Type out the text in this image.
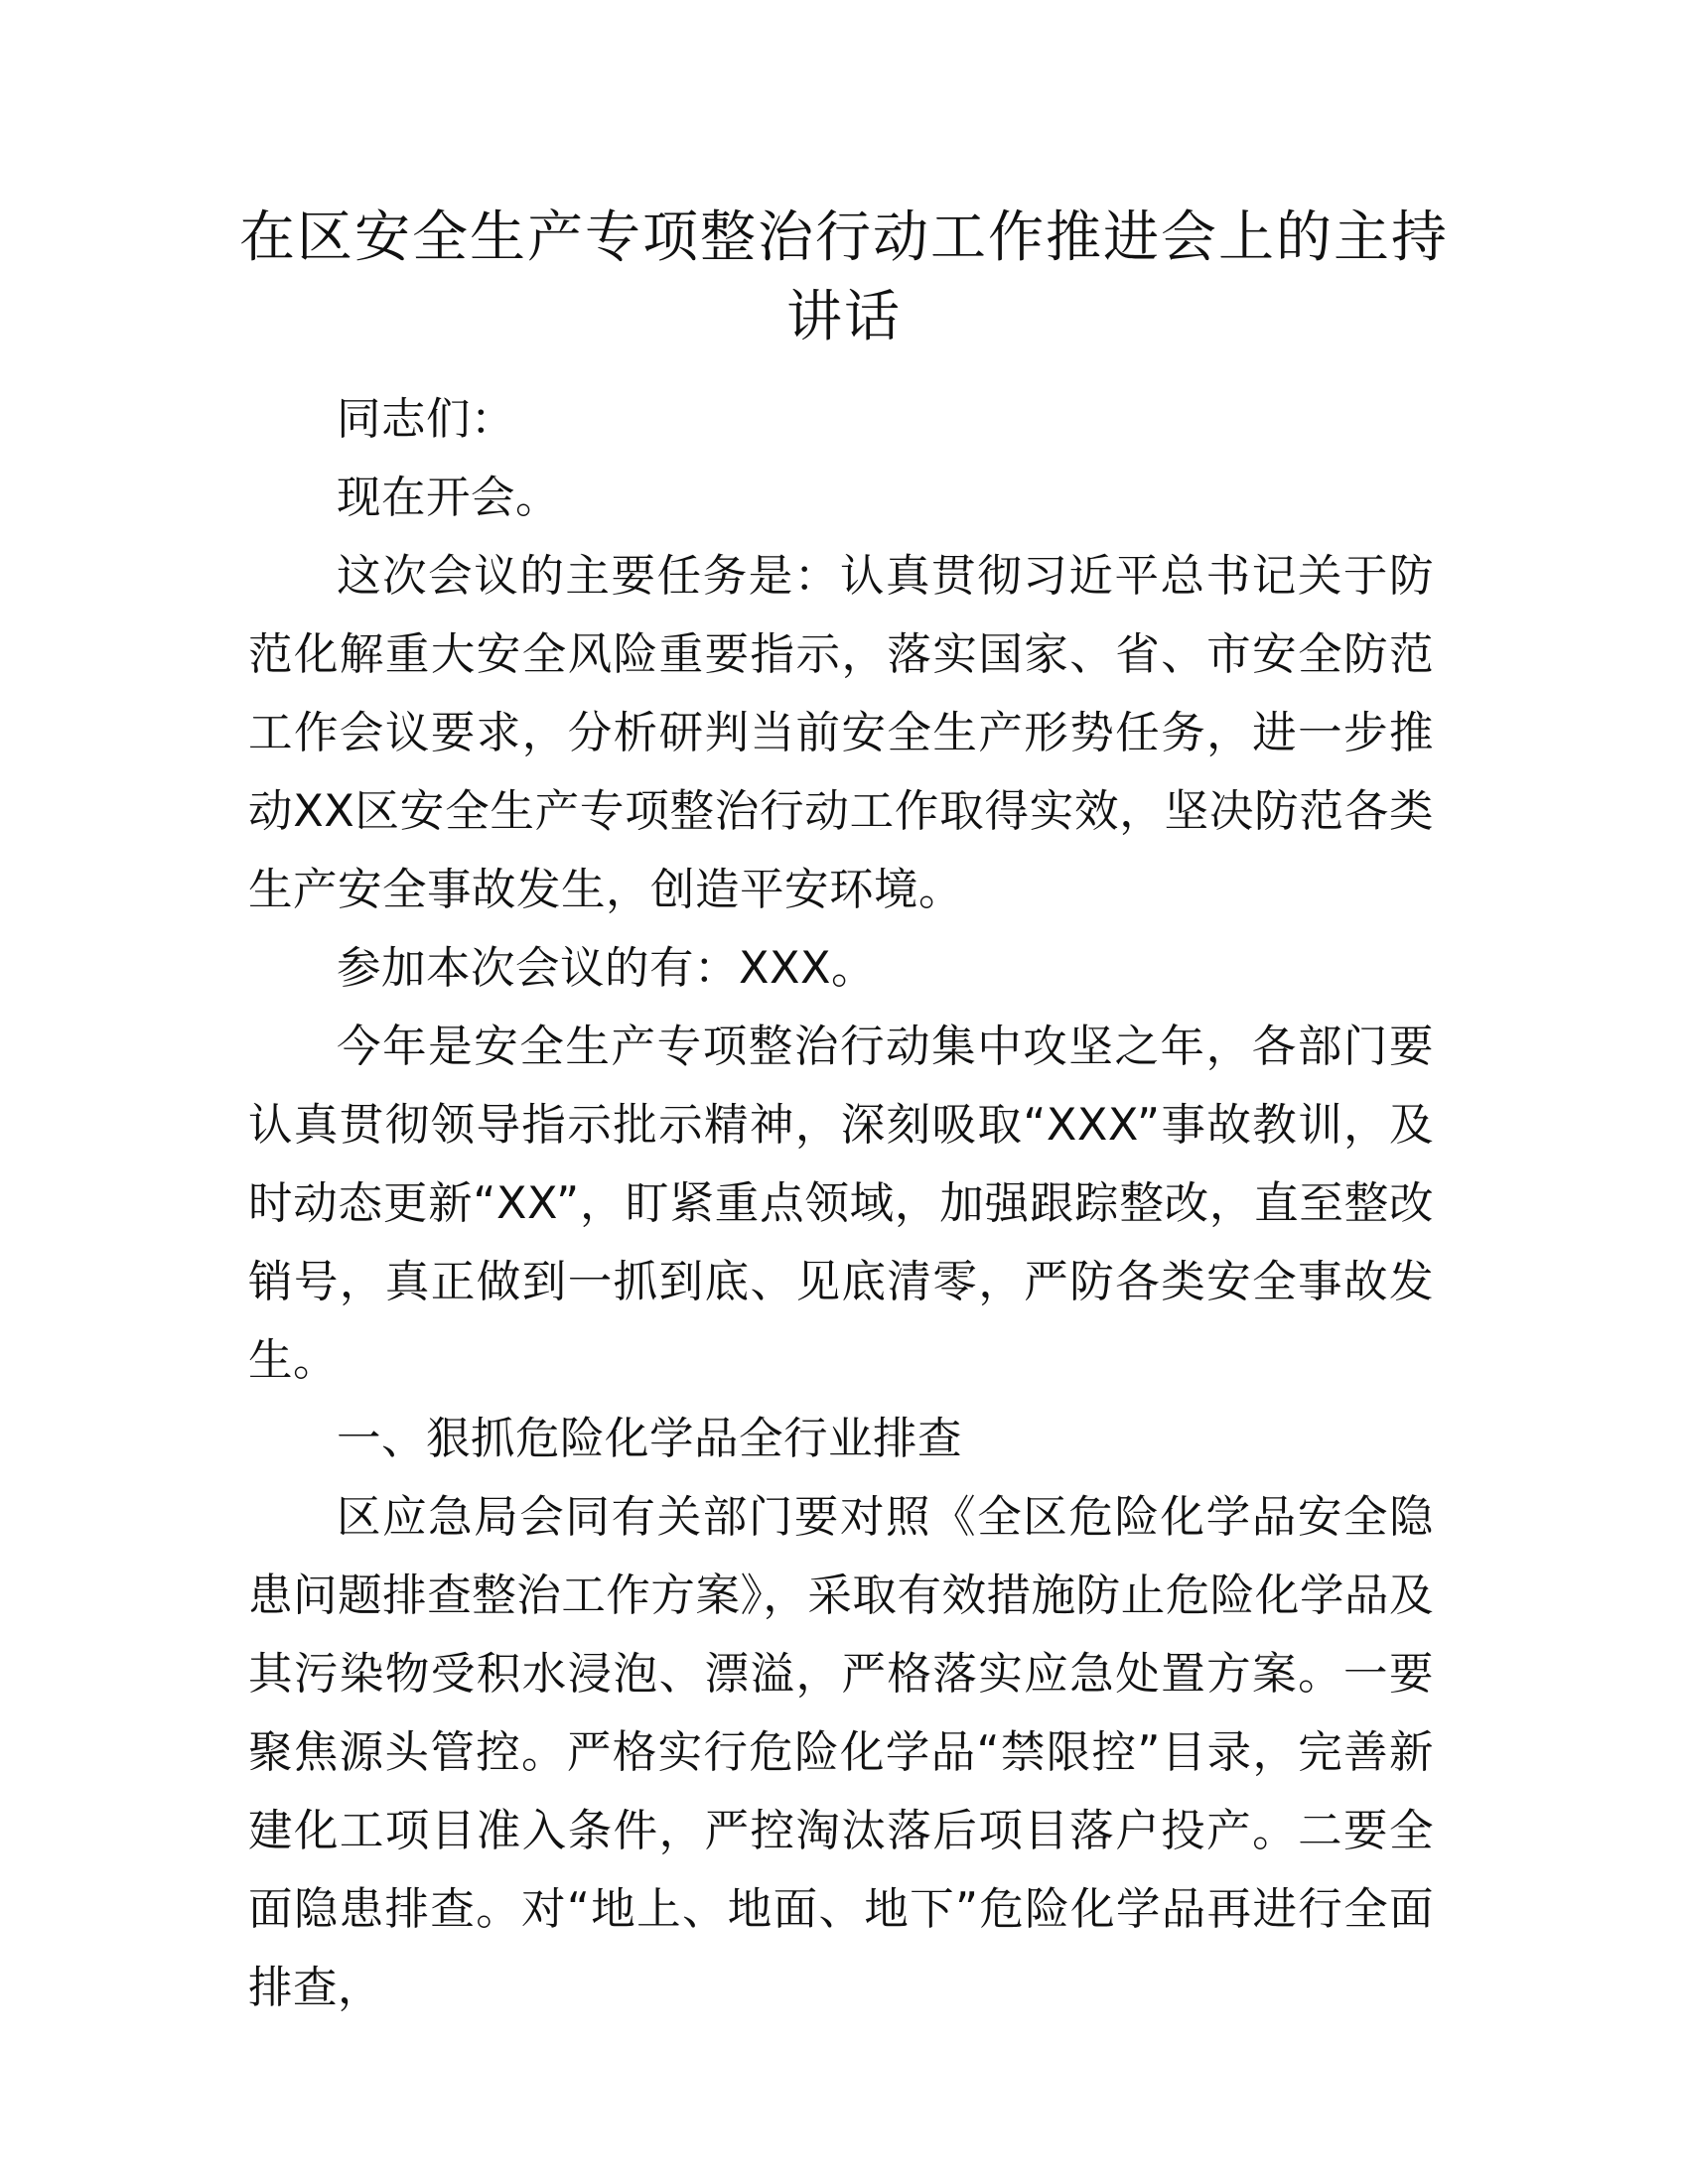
在区安全生产专项整治行动工作推进会上的主持讲话

同志们：

现在开会。

这次会议的主要任务是：认真贯彻习近平总书记关于防范化解重大安全风险重要指示，落实国家、省、市安全防范工作会议要求，分析研判当前安全生产形势任务，进一步推动XX区安全生产专项整治行动工作取得实效，坚决防范各类生产安全事故发生，创造平安环境。

参加本次会议的有：XXX。

今年是安全生产专项整治行动集中攻坚之年，各部门要认真贯彻领导指示批示精神，深刻吸取“XXX”事故教训，及时动态更新“XX”，盯紧重点领域，加强跟踪整改，直至整改销号，真正做到一抓到底、见底清零，严防各类安全事故发生。

一、狠抓危险化学品全行业排查

区应急局会同有关部门要对照《全区危险化学品安全隐患问题排查整治工作方案》，采取有效措施防止危险化学品及其污染物受积水浸泡、漂溢，严格落实应急处置方案。一要聚焦源头管控。严格实行危险化学品“禁限控”目录，完善新建化工项目准入条件，严控淘汰落后项目落户投产。二要全面隐患排查。对“地上、地面、地下”危险化学品再进行全面排查，
